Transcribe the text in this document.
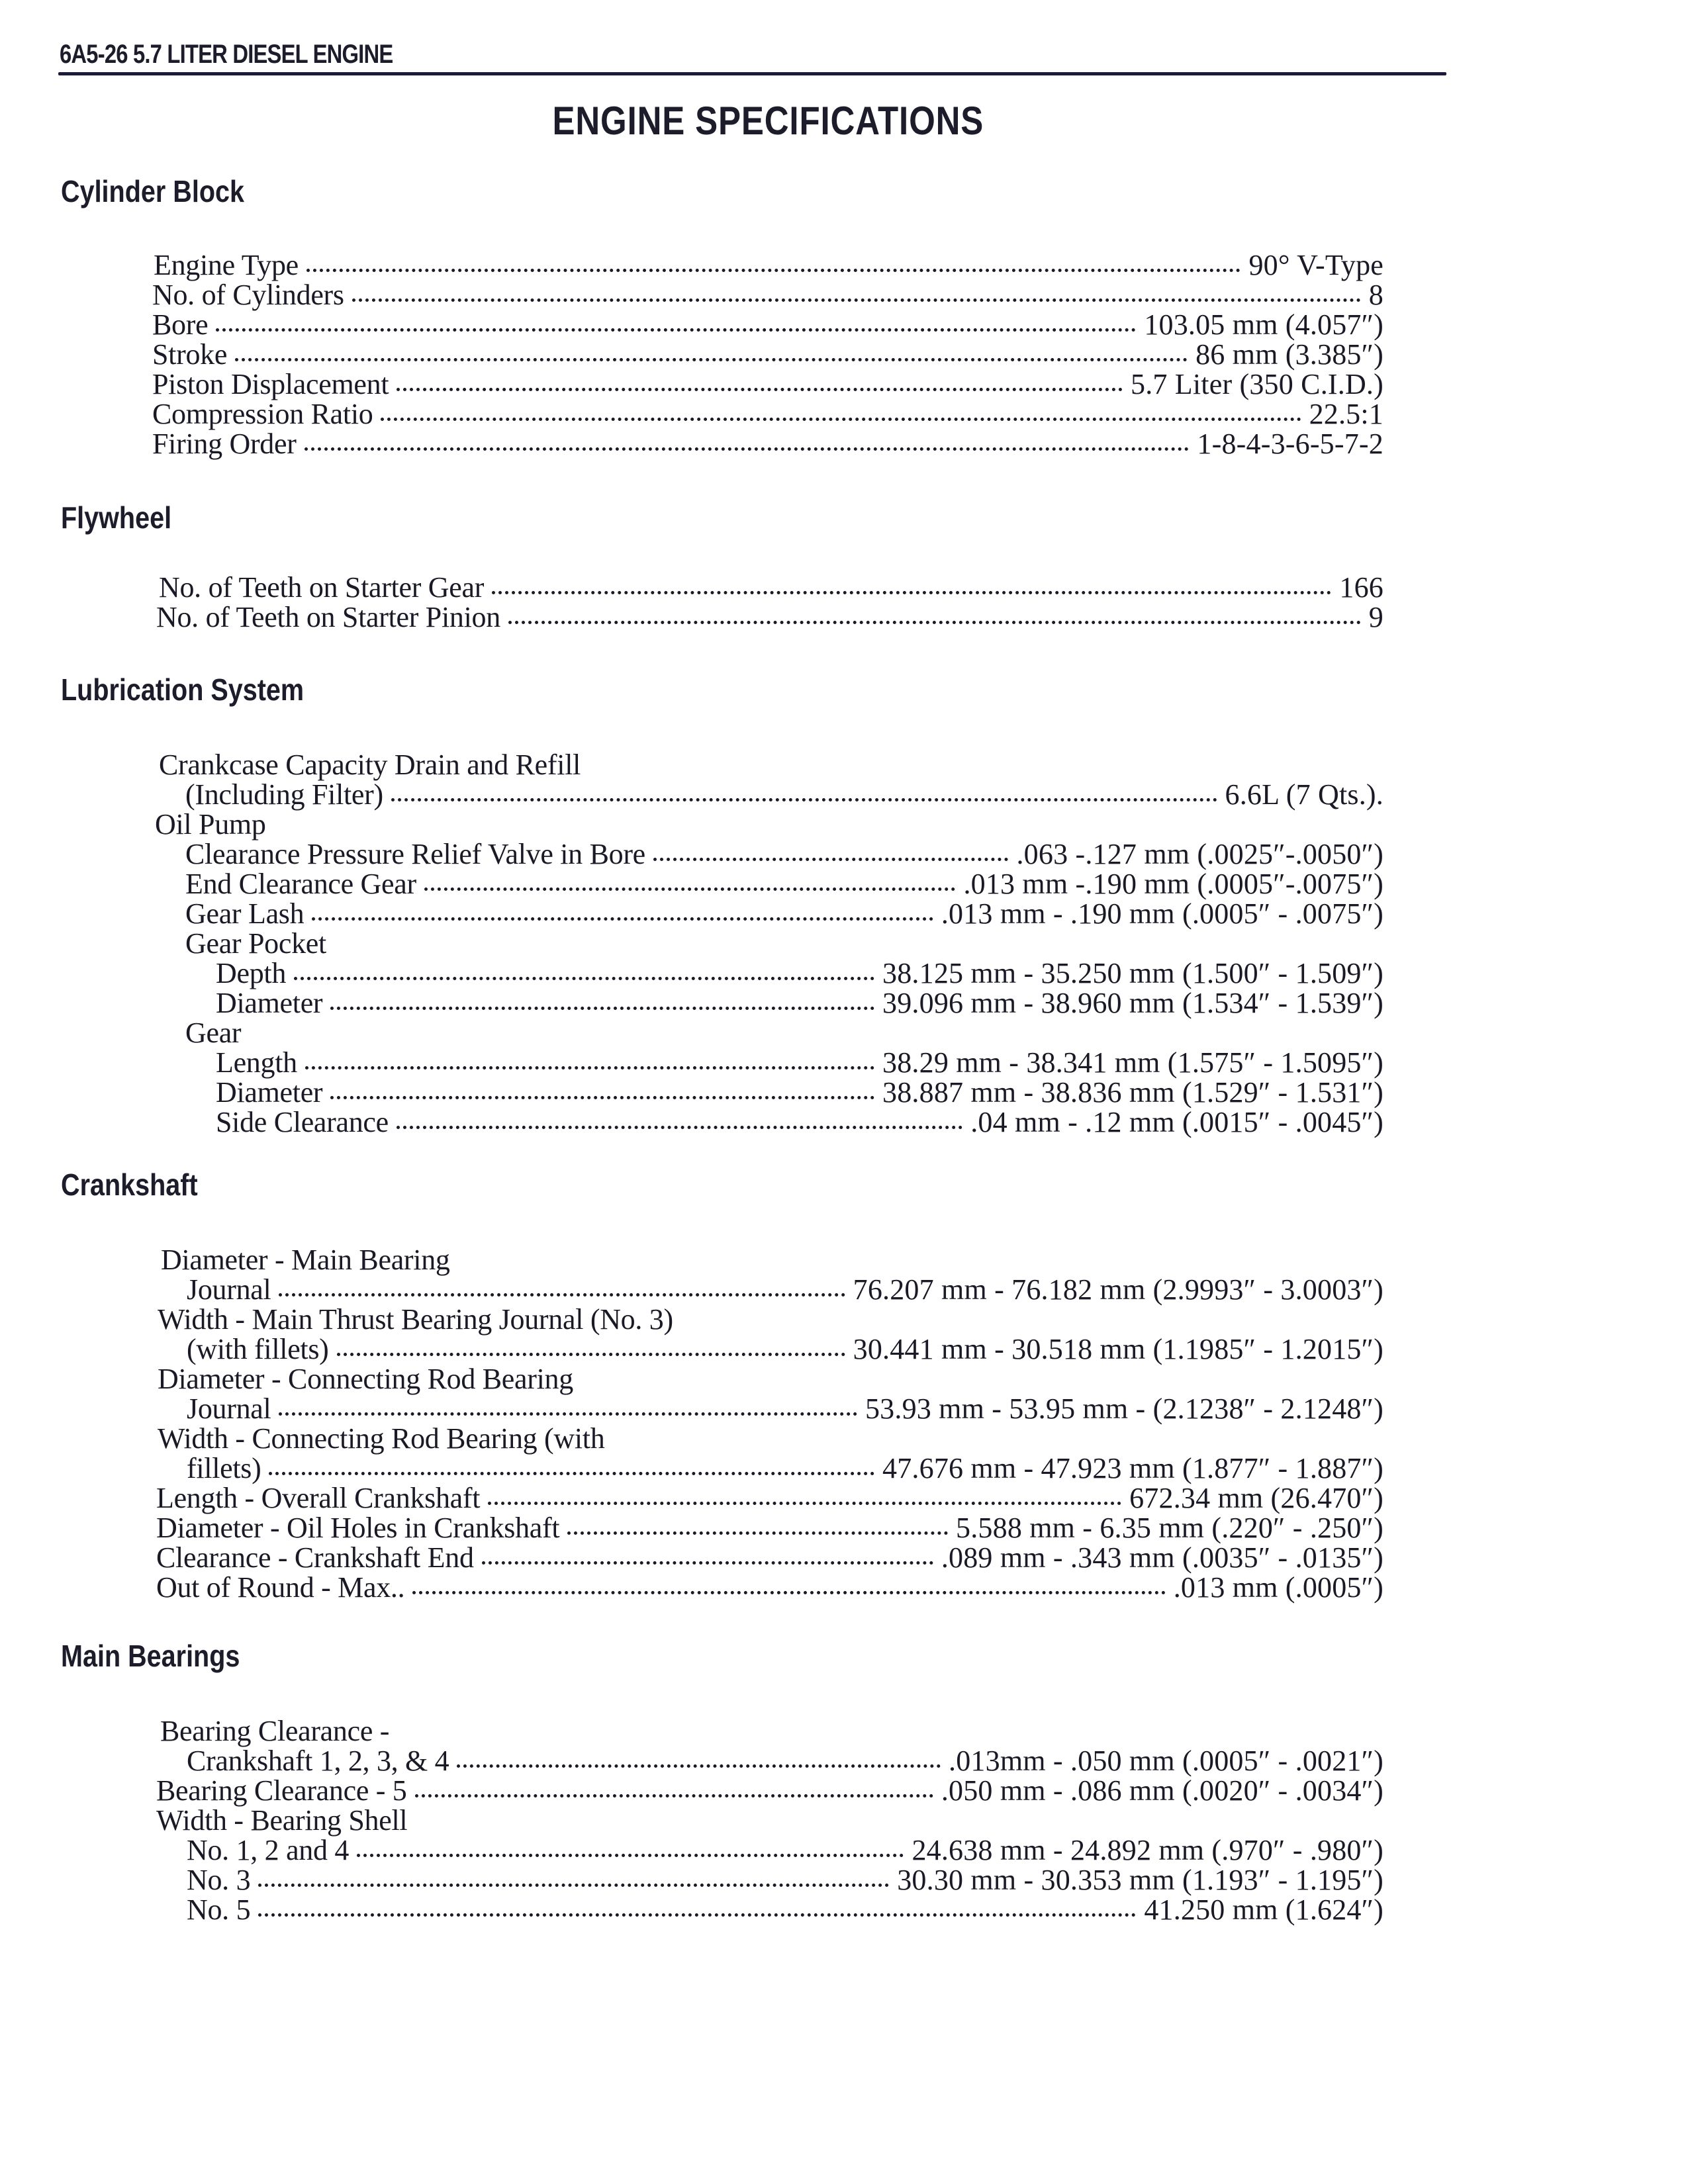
6A5-26 5.7 LITER DIESEL ENGINE
ENGINE SPECIFICATIONS
Cylinder Block
Engine Type	90° V-Type
No. of Cylinders	8
Bore	103.05 mm (4.057″)
Stroke	86 mm (3.385″)
Piston Displacement	5.7 Liter (350 C.I.D.)
Compression Ratio	22.5:1
Firing Order	1-8-4-3-6-5-7-2
Flywheel
No. of Teeth on Starter Gear	166
No. of Teeth on Starter Pinion	9
Lubrication System
Crankcase Capacity Drain and Refill
(Including Filter)	6.6L (7 Qts.).
Oil Pump
Clearance Pressure Relief Valve in Bore	.063 -.127 mm (.0025″-.0050″)
End Clearance Gear	.013 mm -.190 mm (.0005″-.0075″)
Gear Lash	.013 mm - .190 mm (.0005″ - .0075″)
Gear Pocket
Depth	38.125 mm - 35.250 mm (1.500″ - 1.509″)
Diameter	39.096 mm - 38.960 mm (1.534″ - 1.539″)
Gear
Length	38.29 mm - 38.341 mm (1.575″ - 1.5095″)
Diameter	38.887 mm - 38.836 mm (1.529″ - 1.531″)
Side Clearance	.04 mm - .12 mm (.0015″ - .0045″)
Crankshaft
Diameter - Main Bearing
Journal	76.207 mm - 76.182 mm (2.9993″ - 3.0003″)
Width - Main Thrust Bearing Journal (No. 3)
(with fillets)	30.441 mm - 30.518 mm (1.1985″ - 1.2015″)
Diameter - Connecting Rod Bearing
Journal	53.93 mm - 53.95 mm - (2.1238″ - 2.1248″)
Width - Connecting Rod Bearing (with
fillets)	47.676 mm - 47.923 mm (1.877″ - 1.887″)
Length - Overall Crankshaft	672.34 mm (26.470″)
Diameter - Oil Holes in Crankshaft	5.588 mm - 6.35 mm (.220″ - .250″)
Clearance - Crankshaft End	.089 mm - .343 mm (.0035″ - .0135″)
Out of Round - Max..	.013 mm (.0005″)
Main Bearings
Bearing Clearance -
Crankshaft 1, 2, 3, & 4	.013mm - .050 mm (.0005″ - .0021″)
Bearing Clearance - 5	.050 mm - .086 mm (.0020″ - .0034″)
Width - Bearing Shell
No. 1, 2 and 4	24.638 mm - 24.892 mm (.970″ - .980″)
No. 3	30.30 mm - 30.353 mm (1.193″ - 1.195″)
No. 5	41.250 mm (1.624″)
